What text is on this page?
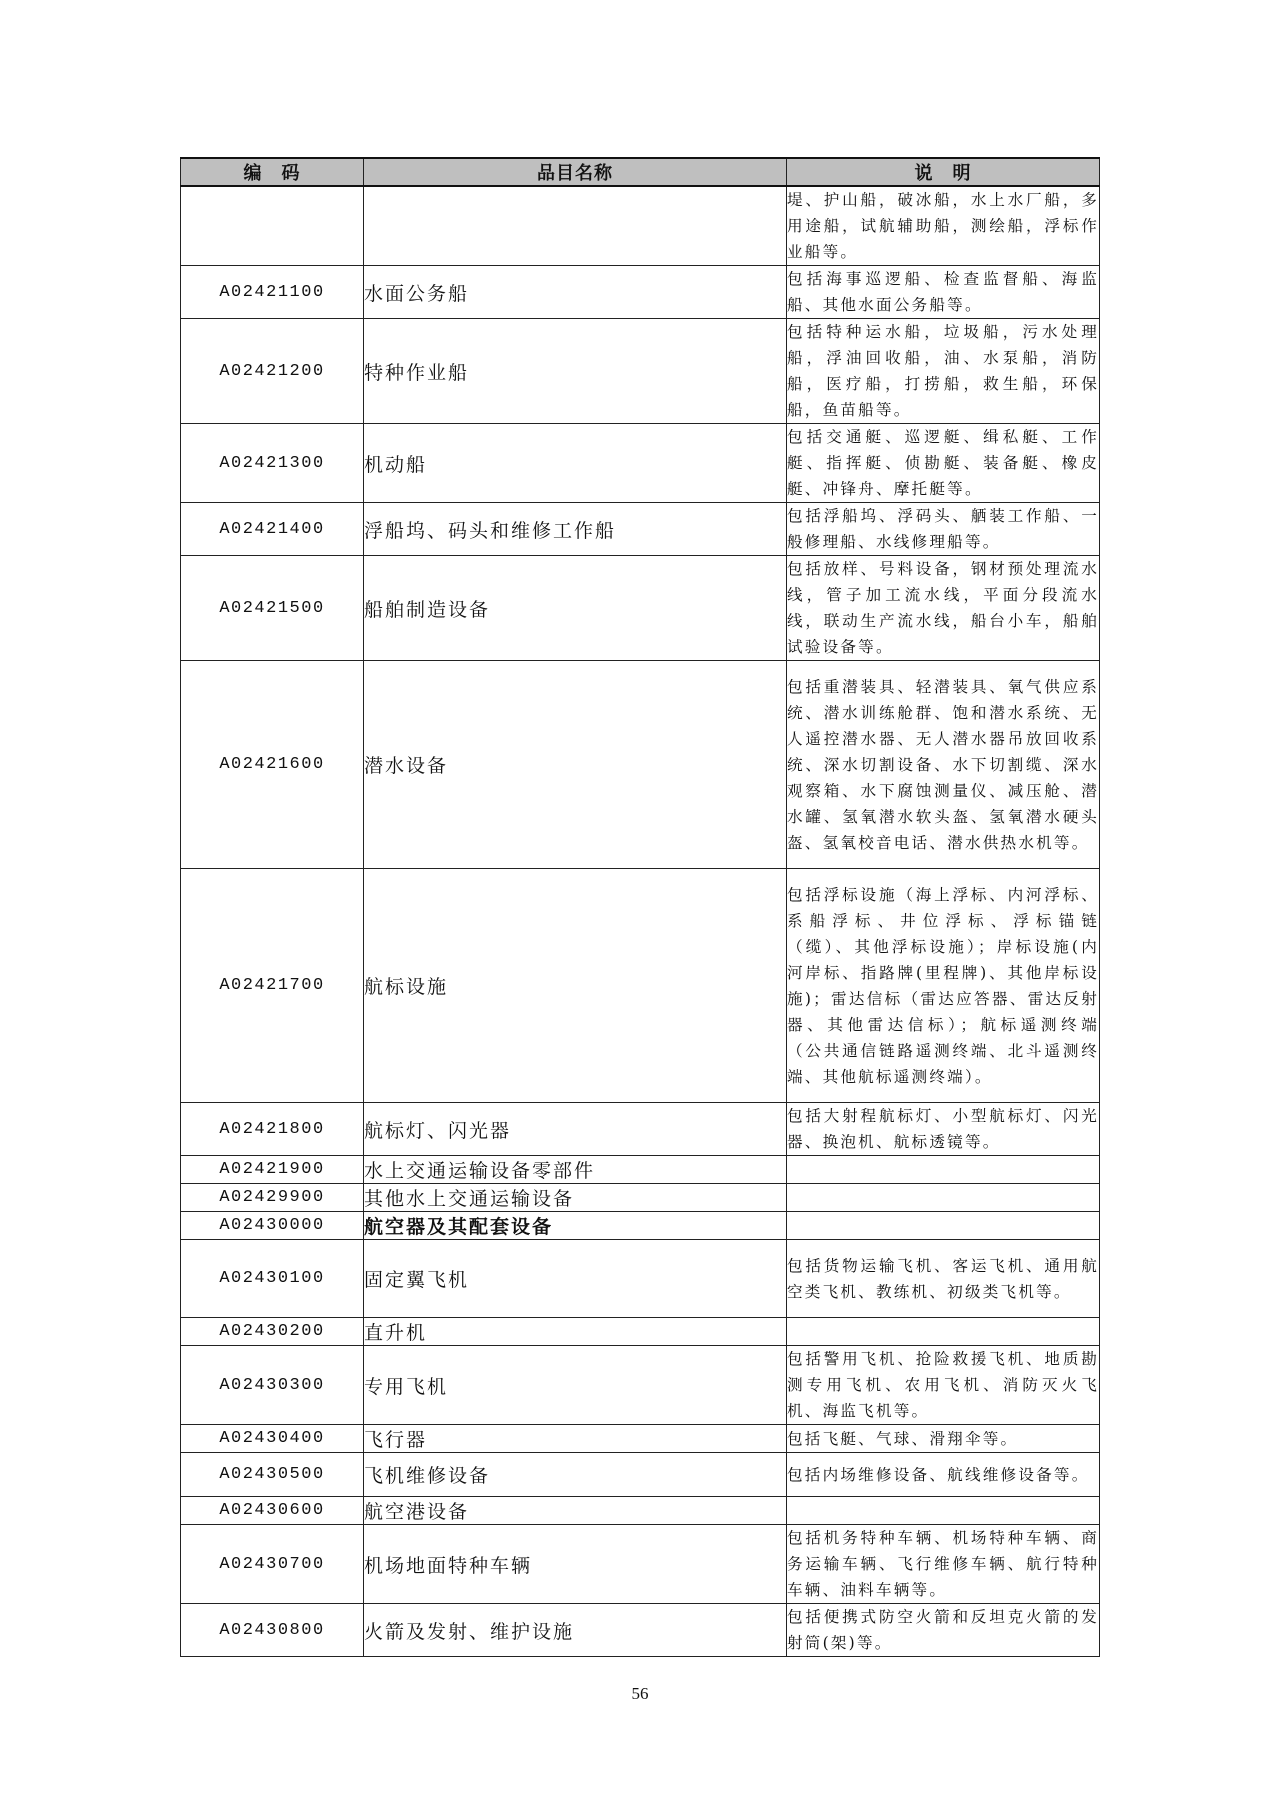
编　码	品目名称	说　明

		堤、护山船，破冰船，水上水厂船，多用途船，试航辅助船，测绘船，浮标作业船等。

A02421100	水面公务船	包括海事巡逻船、检查监督船、海监船、其他水面公务船等。

A02421200	特种作业船	包括特种运水船，垃圾船，污水处理船，浮油回收船，油、水泵船，消防船，医疗船，打捞船，救生船，环保船，鱼苗船等。

A02421300	机动船	包括交通艇、巡逻艇、缉私艇、工作艇、指挥艇、侦勘艇、装备艇、橡皮艇、冲锋舟、摩托艇等。

A02421400	浮船坞、码头和维修工作船	包括浮船坞、浮码头、舾装工作船、一般修理船、水线修理船等。

A02421500	船舶制造设备	包括放样、号料设备，钢材预处理流水线，管子加工流水线，平面分段流水线，联动生产流水线，船台小车，船舶试验设备等。

A02421600	潜水设备	包括重潜装具、轻潜装具、氧气供应系统、潜水训练舱群、饱和潜水系统、无人遥控潜水器、无人潜水器吊放回收系统、深水切割设备、水下切割缆、深水观察箱、水下腐蚀测量仪、减压舱、潜水罐、氢氧潜水软头盔、氢氧潜水硬头盔、氢氧校音电话、潜水供热水机等。

A02421700	航标设施	包括浮标设施（海上浮标、内河浮标、系船浮标、井位浮标、浮标锚链（缆）、其他浮标设施）；岸标设施(内河岸标、指路牌(里程牌)、其他岸标设施)；雷达信标（雷达应答器、雷达反射器、其他雷达信标）；航标遥测终端（公共通信链路遥测终端、北斗遥测终端、其他航标遥测终端）。

A02421800	航标灯、闪光器	包括大射程航标灯、小型航标灯、闪光器、换泡机、航标透镜等。

A02421900	水上交通运输设备零部件	

A02429900	其他水上交通运输设备	

A02430000	航空器及其配套设备	

A02430100	固定翼飞机	包括货物运输飞机、客运飞机、通用航空类飞机、教练机、初级类飞机等。

A02430200	直升机	

A02430300	专用飞机	包括警用飞机、抢险救援飞机、地质勘测专用飞机、农用飞机、消防灭火飞机、海监飞机等。

A02430400	飞行器	包括飞艇、气球、滑翔伞等。

A02430500	飞机维修设备	包括内场维修设备、航线维修设备等。

A02430600	航空港设备	

A02430700	机场地面特种车辆	包括机务特种车辆、机场特种车辆、商务运输车辆、飞行维修车辆、航行特种车辆、油料车辆等。

A02430800	火箭及发射、维护设施	包括便携式防空火箭和反坦克火箭的发射筒(架)等。
56
